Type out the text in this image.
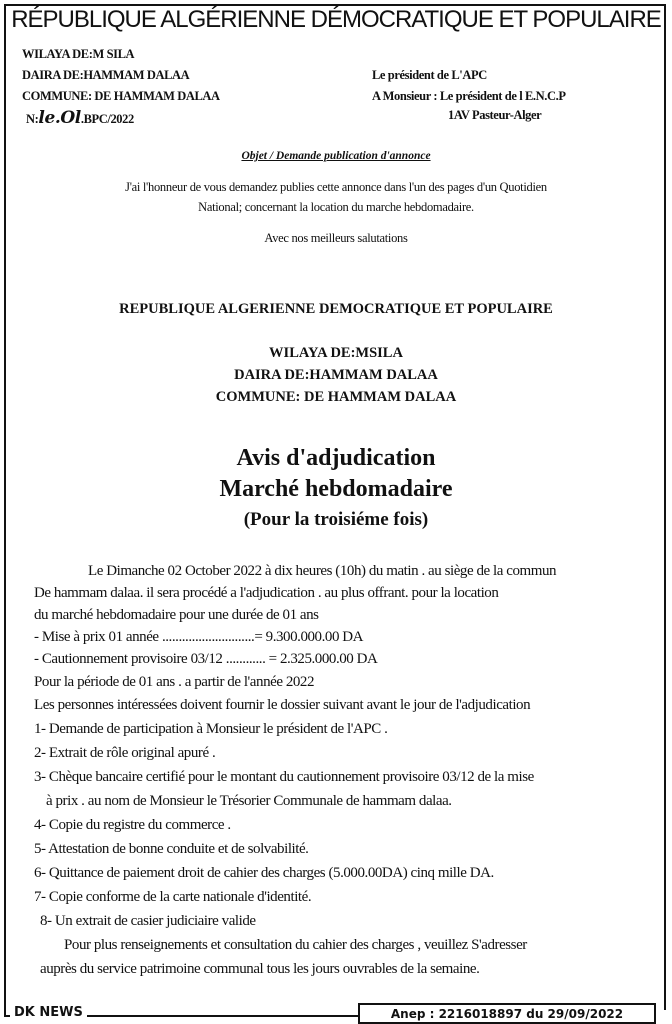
RÉPUBLIQUE ALGÉRIENNE DÉMOCRATIQUE ET POPULAIRE
WILAYA DE:M SILA
DAIRA DE:HAMMAM DALAA
COMMUNE: DE HAMMAM DALAA
N:le.Ol.BPC/2022
Le président de L'APC
A Monsieur : Le président de l E.N.C.P
1AV Pasteur-Alger
Objet / Demande publication d'annonce
J'ai l'honneur de vous demandez publies cette annonce dans l'un des pages d'un Quotidien
National; concernant la location du marche hebdomadaire.
Avec nos meilleurs salutations
REPUBLIQUE ALGERIENNE DEMOCRATIQUE ET POPULAIRE
WILAYA DE:MSILA
DAIRA DE:HAMMAM DALAA
COMMUNE: DE HAMMAM DALAA
Avis d'adjudication
Marché hebdomadaire
(Pour la troisiéme fois)
Le Dimanche 02 October 2022 à dix heures (10h) du matin . au siège de la commun
De hammam dalaa. il sera procédé a l'adjudication . au plus offrant. pour la location
du marché hebdomadaire pour une durée de 01 ans
- Mise à prix 01 année ............................= 9.300.000.00 DA
- Cautionnement provisoire 03/12 ............ = 2.325.000.00 DA
Pour la période de 01 ans . a partir de l'année 2022
Les personnes intéressées doivent fournir le dossier suivant avant le jour de l'adjudication
1- Demande de participation à Monsieur le président de l'APC .
2- Extrait de rôle original apuré .
3- Chèque bancaire certifié pour le montant du cautionnement provisoire 03/12 de la mise
à prix . au nom de Monsieur le Trésorier Communale de hammam dalaa.
4- Copie du registre du commerce .
5- Attestation de bonne conduite et de solvabilité.
6- Quittance de paiement droit de cahier des charges (5.000.00DA) cinq mille DA.
7- Copie conforme de la carte nationale d'identité.
8- Un extrait de casier judiciaire valide
Pour plus renseignements et consultation du cahier des charges , veuillez S'adresser
auprès du service patrimoine communal tous les jours ouvrables de la semaine.
DK NEWS	Anep : 2216018897 du 29/09/2022
